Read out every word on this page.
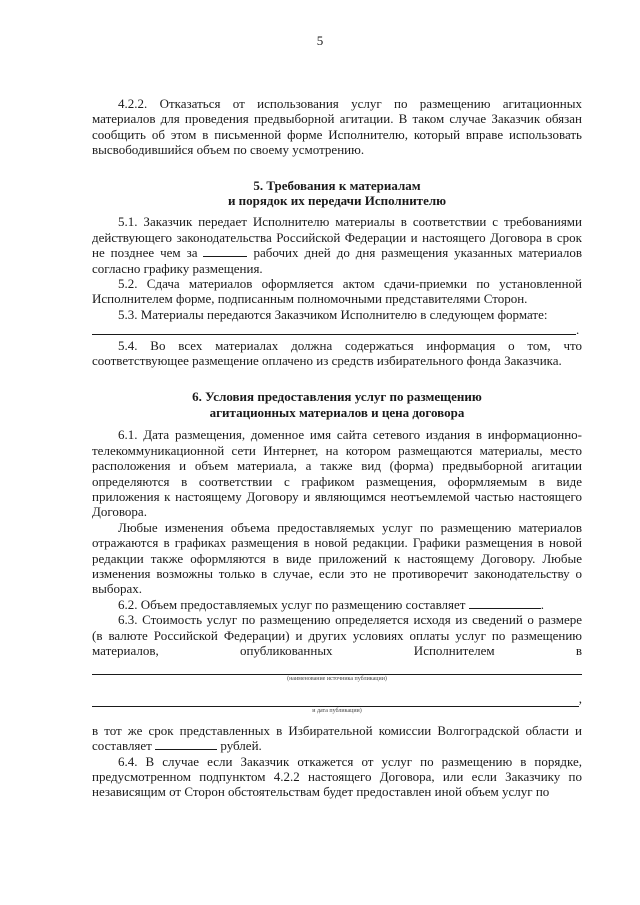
5

4.2.2. Отказаться от использования услуг по размещению агитационных материалов для проведения предвыборной агитации. В таком случае Заказчик обязан сообщить об этом в письменной форме Исполнителю, который вправе использовать высвободившийся объем по своему усмотрению.

5. Требования к материалам
и порядок их передачи Исполнителю

5.1. Заказчик передает Исполнителю материалы в соответствии с требованиями действующего законодательства Российской Федерации и настоящего Договора в срок не позднее чем за	рабочих дней до дня размещения указанных материалов согласно графику размещения.

5.2. Сдача материалов оформляется актом сдачи-приемки по установленной Исполнителем форме, подписанным полномочными представителями Сторон.

5.3. Материалы передаются Заказчиком Исполнителю в следующем формате:

.

5.4. Во всех материалах должна содержаться информация о том, что соответствующее размещение оплачено из средств избирательного фонда Заказчика.

6. Условия предоставления услуг по размещению
агитационных материалов и цена договора

6.1. Дата размещения, доменное имя сайта сетевого издания в информационно-телекоммуникационной сети Интернет, на котором размещаются материалы, место расположения и объем материала, а также вид (форма) предвыборной агитации определяются в соответствии с графиком размещения, оформляемым в виде приложения к настоящему Договору и являющимся неотъемлемой частью настоящего Договора.

Любые изменения объема предоставляемых услуг по размещению материалов отражаются в графиках размещения в новой редакции. Графики размещения в новой редакции также оформляются в виде приложений к настоящему Договору. Любые изменения возможны только в случае, если это не противоречит законодательству о выборах.

6.2. Объем предоставляемых услуг по размещению составляет	.

6.3. Стоимость услуг по размещению определяется исходя из сведений о размере (в валюте Российской Федерации) и других условиях оплаты услуг по размещению материалов, опубликованных Исполнителем в

(наименование источника публикации)
,
и дата публикации)

в тот же срок представленных в Избирательной комиссии Волгоградской области и составляет	рублей.

6.4. В случае если Заказчик откажется от услуг по размещению в порядке, предусмотренном подпунктом 4.2.2 настоящего Договора, или если Заказчику по независящим от Сторон обстоятельствам будет предоставлен иной объем услуг по
